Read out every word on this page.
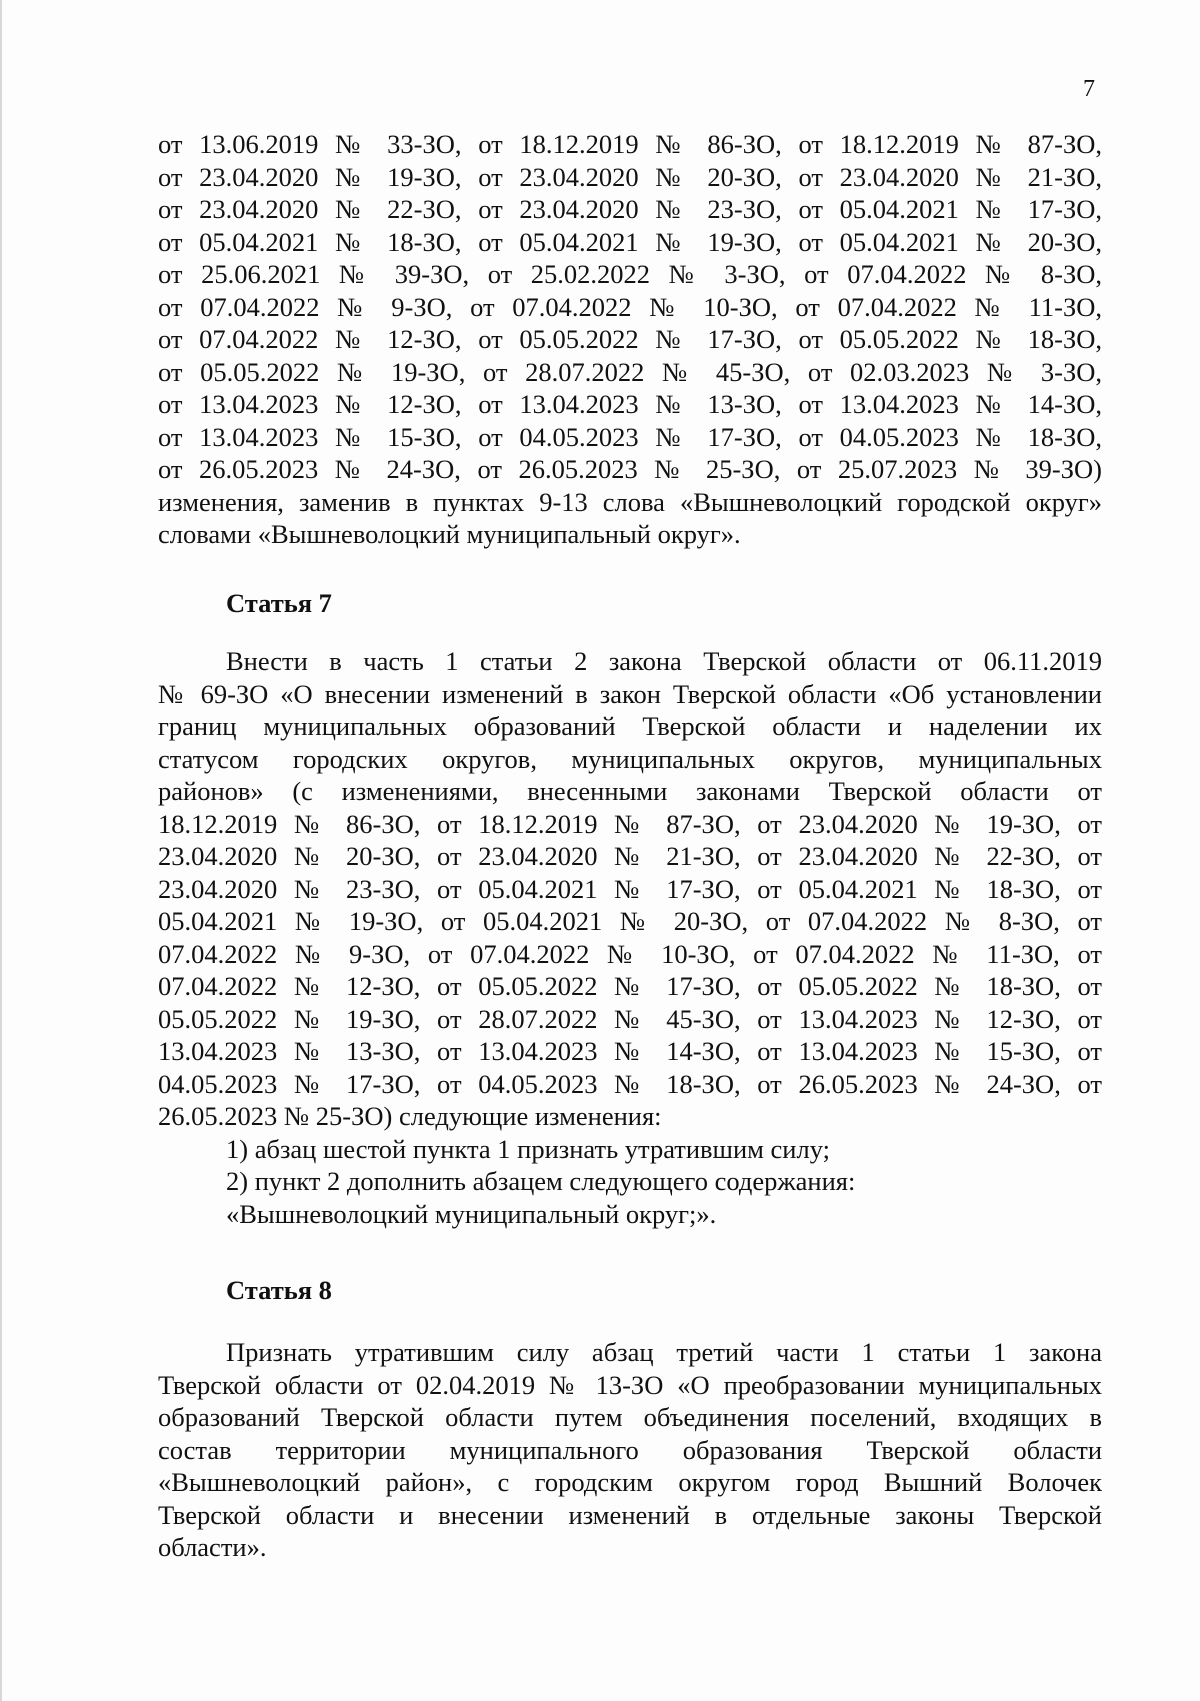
7
от 13.06.2019 № 33-ЗО, от 18.12.2019 № 86-ЗО, от 18.12.2019 № 87-ЗО,
от 23.04.2020 № 19-ЗО, от 23.04.2020 № 20-ЗО, от 23.04.2020 № 21-ЗО,
от 23.04.2020 № 22-ЗО, от 23.04.2020 № 23-ЗО, от 05.04.2021 № 17-ЗО,
от 05.04.2021 № 18-ЗО, от 05.04.2021 № 19-ЗО, от 05.04.2021 № 20-ЗО,
от 25.06.2021 № 39-ЗО, от 25.02.2022 № 3-ЗО, от 07.04.2022 № 8-ЗО,
от 07.04.2022 № 9-ЗО, от 07.04.2022 № 10-ЗО, от 07.04.2022 № 11-ЗО,
от 07.04.2022 № 12-ЗО, от 05.05.2022 № 17-ЗО, от 05.05.2022 № 18-ЗО,
от 05.05.2022 № 19-ЗО, от 28.07.2022 № 45-ЗО, от 02.03.2023 № 3-ЗО,
от 13.04.2023 № 12-ЗО, от 13.04.2023 № 13-ЗО, от 13.04.2023 № 14-ЗО,
от 13.04.2023 № 15-ЗО, от 04.05.2023 № 17-ЗО, от 04.05.2023 № 18-ЗО,
от 26.05.2023 № 24-ЗО, от 26.05.2023 № 25-ЗО, от 25.07.2023 № 39-ЗО)
изменения, заменив в пунктах 9-13 слова «Вышневолоцкий городской округ»
словами «Вышневолоцкий муниципальный округ».
Статья 7
Внести в часть 1 статьи 2 закона Тверской области от 06.11.2019
№ 69-ЗО «О внесении изменений в закон Тверской области «Об установлении
границ муниципальных образований Тверской области и наделении их
статусом городских округов, муниципальных округов, муниципальных
районов» (с изменениями, внесенными законами Тверской области от
18.12.2019 № 86-ЗО, от 18.12.2019 № 87-ЗО, от 23.04.2020 № 19-ЗО, от
23.04.2020 № 20-ЗО, от 23.04.2020 № 21-ЗО, от 23.04.2020 № 22-ЗО, от
23.04.2020 № 23-ЗО, от 05.04.2021 № 17-ЗО, от 05.04.2021 № 18-ЗО, от
05.04.2021 № 19-ЗО, от 05.04.2021 № 20-ЗО, от 07.04.2022 № 8-ЗО, от
07.04.2022 № 9-ЗО, от 07.04.2022 № 10-ЗО, от 07.04.2022 № 11-ЗО, от
07.04.2022 № 12-ЗО, от 05.05.2022 № 17-ЗО, от 05.05.2022 № 18-ЗО, от
05.05.2022 № 19-ЗО, от 28.07.2022 № 45-ЗО, от 13.04.2023 № 12-ЗО, от
13.04.2023 № 13-ЗО, от 13.04.2023 № 14-ЗО, от 13.04.2023 № 15-ЗО, от
04.05.2023 № 17-ЗО, от 04.05.2023 № 18-ЗО, от 26.05.2023 № 24-ЗО, от
26.05.2023 № 25-ЗО) следующие изменения:
1) абзац шестой пункта 1 признать утратившим силу;
2) пункт 2 дополнить абзацем следующего содержания:
«Вышневолоцкий муниципальный округ;».
Статья 8
Признать утратившим силу абзац третий части 1 статьи 1 закона
Тверской области от 02.04.2019 № 13-ЗО «О преобразовании муниципальных
образований Тверской области путем объединения поселений, входящих в
состав территории муниципального образования Тверской области
«Вышневолоцкий район», с городским округом город Вышний Волочек
Тверской области и внесении изменений в отдельные законы Тверской
области».
